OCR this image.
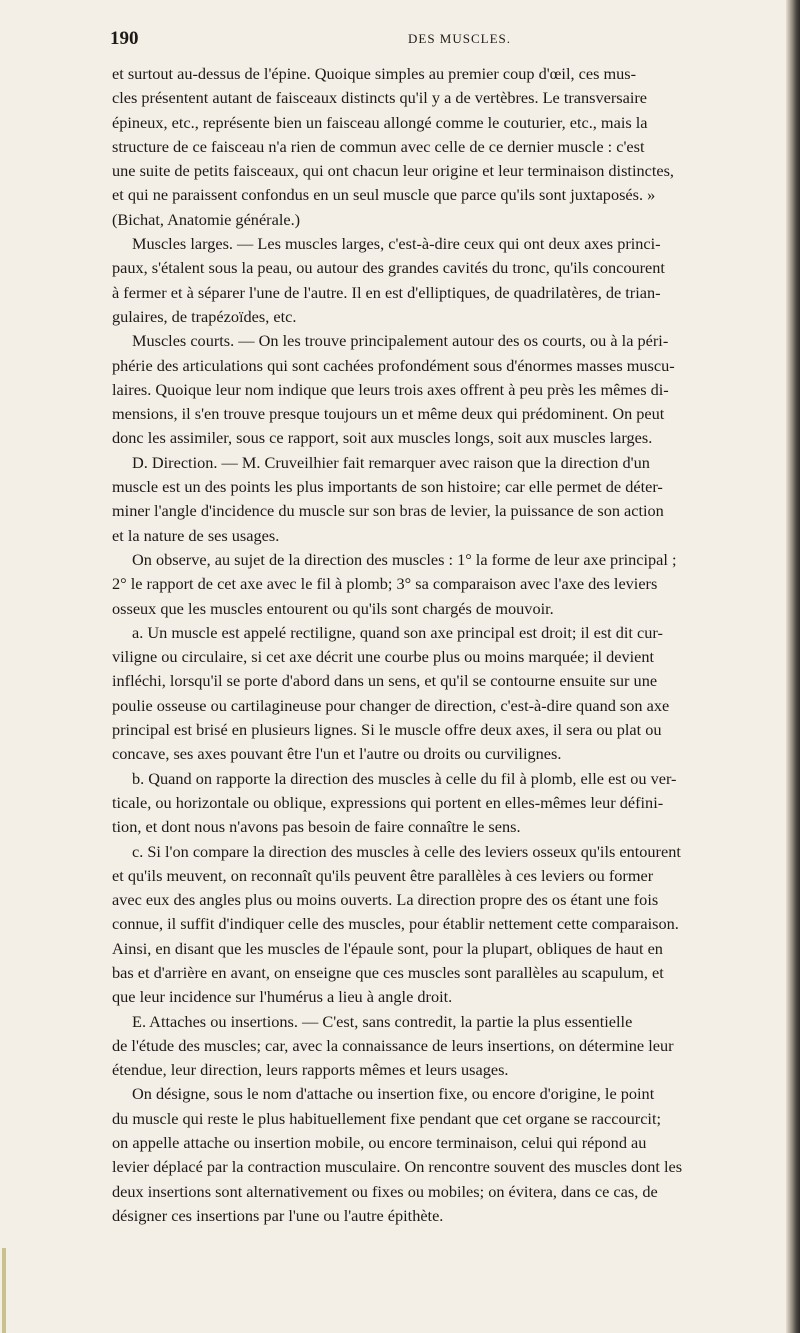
190	DES MUSCLES.
et surtout au-dessus de l'épine. Quoique simples au premier coup d'œil, ces mus-
cles présentent autant de faisceaux distincts qu'il y a de vertèbres. Le transversaire
épineux, etc., représente bien un faisceau allongé comme le couturier, etc., mais la
structure de ce faisceau n'a rien de commun avec celle de ce dernier muscle : c'est
une suite de petits faisceaux, qui ont chacun leur origine et leur terminaison distinctes,
et qui ne paraissent confondus en un seul muscle que parce qu'ils sont juxtaposés. »
(Bichat, Anatomie générale.)
Muscles larges. — Les muscles larges, c'est-à-dire ceux qui ont deux axes princi-
paux, s'étalent sous la peau, ou autour des grandes cavités du tronc, qu'ils concourent
à fermer et à séparer l'une de l'autre. Il en est d'elliptiques, de quadrilatères, de trian-
gulaires, de trapézoïdes, etc.
Muscles courts. — On les trouve principalement autour des os courts, ou à la péri-
phérie des articulations qui sont cachées profondément sous d'énormes masses muscu-
laires. Quoique leur nom indique que leurs trois axes offrent à peu près les mêmes di-
mensions, il s'en trouve presque toujours un et même deux qui prédominent. On peut
donc les assimiler, sous ce rapport, soit aux muscles longs, soit aux muscles larges.
D. Direction. — M. Cruveilhier fait remarquer avec raison que la direction d'un
muscle est un des points les plus importants de son histoire; car elle permet de déter-
miner l'angle d'incidence du muscle sur son bras de levier, la puissance de son action
et la nature de ses usages.
On observe, au sujet de la direction des muscles : 1° la forme de leur axe principal ;
2° le rapport de cet axe avec le fil à plomb; 3° sa comparaison avec l'axe des leviers
osseux que les muscles entourent ou qu'ils sont chargés de mouvoir.
a. Un muscle est appelé rectiligne, quand son axe principal est droit; il est dit cur-
viligne ou circulaire, si cet axe décrit une courbe plus ou moins marquée; il devient
infléchi, lorsqu'il se porte d'abord dans un sens, et qu'il se contourne ensuite sur une
poulie osseuse ou cartilagineuse pour changer de direction, c'est-à-dire quand son axe
principal est brisé en plusieurs lignes. Si le muscle offre deux axes, il sera ou plat ou
concave, ses axes pouvant être l'un et l'autre ou droits ou curvilignes.
b. Quand on rapporte la direction des muscles à celle du fil à plomb, elle est ou ver-
ticale, ou horizontale ou oblique, expressions qui portent en elles-mêmes leur défini-
tion, et dont nous n'avons pas besoin de faire connaître le sens.
c. Si l'on compare la direction des muscles à celle des leviers osseux qu'ils entourent
et qu'ils meuvent, on reconnaît qu'ils peuvent être parallèles à ces leviers ou former
avec eux des angles plus ou moins ouverts. La direction propre des os étant une fois
connue, il suffit d'indiquer celle des muscles, pour établir nettement cette comparaison.
Ainsi, en disant que les muscles de l'épaule sont, pour la plupart, obliques de haut en
bas et d'arrière en avant, on enseigne que ces muscles sont parallèles au scapulum, et
que leur incidence sur l'humérus a lieu à angle droit.
E. Attaches ou insertions. — C'est, sans contredit, la partie la plus essentielle
de l'étude des muscles; car, avec la connaissance de leurs insertions, on détermine leur
étendue, leur direction, leurs rapports mêmes et leurs usages.
On désigne, sous le nom d'attache ou insertion fixe, ou encore d'origine, le point
du muscle qui reste le plus habituellement fixe pendant que cet organe se raccourcit;
on appelle attache ou insertion mobile, ou encore terminaison, celui qui répond au
levier déplacé par la contraction musculaire. On rencontre souvent des muscles dont les
deux insertions sont alternativement ou fixes ou mobiles; on évitera, dans ce cas, de
désigner ces insertions par l'une ou l'autre épithète.
